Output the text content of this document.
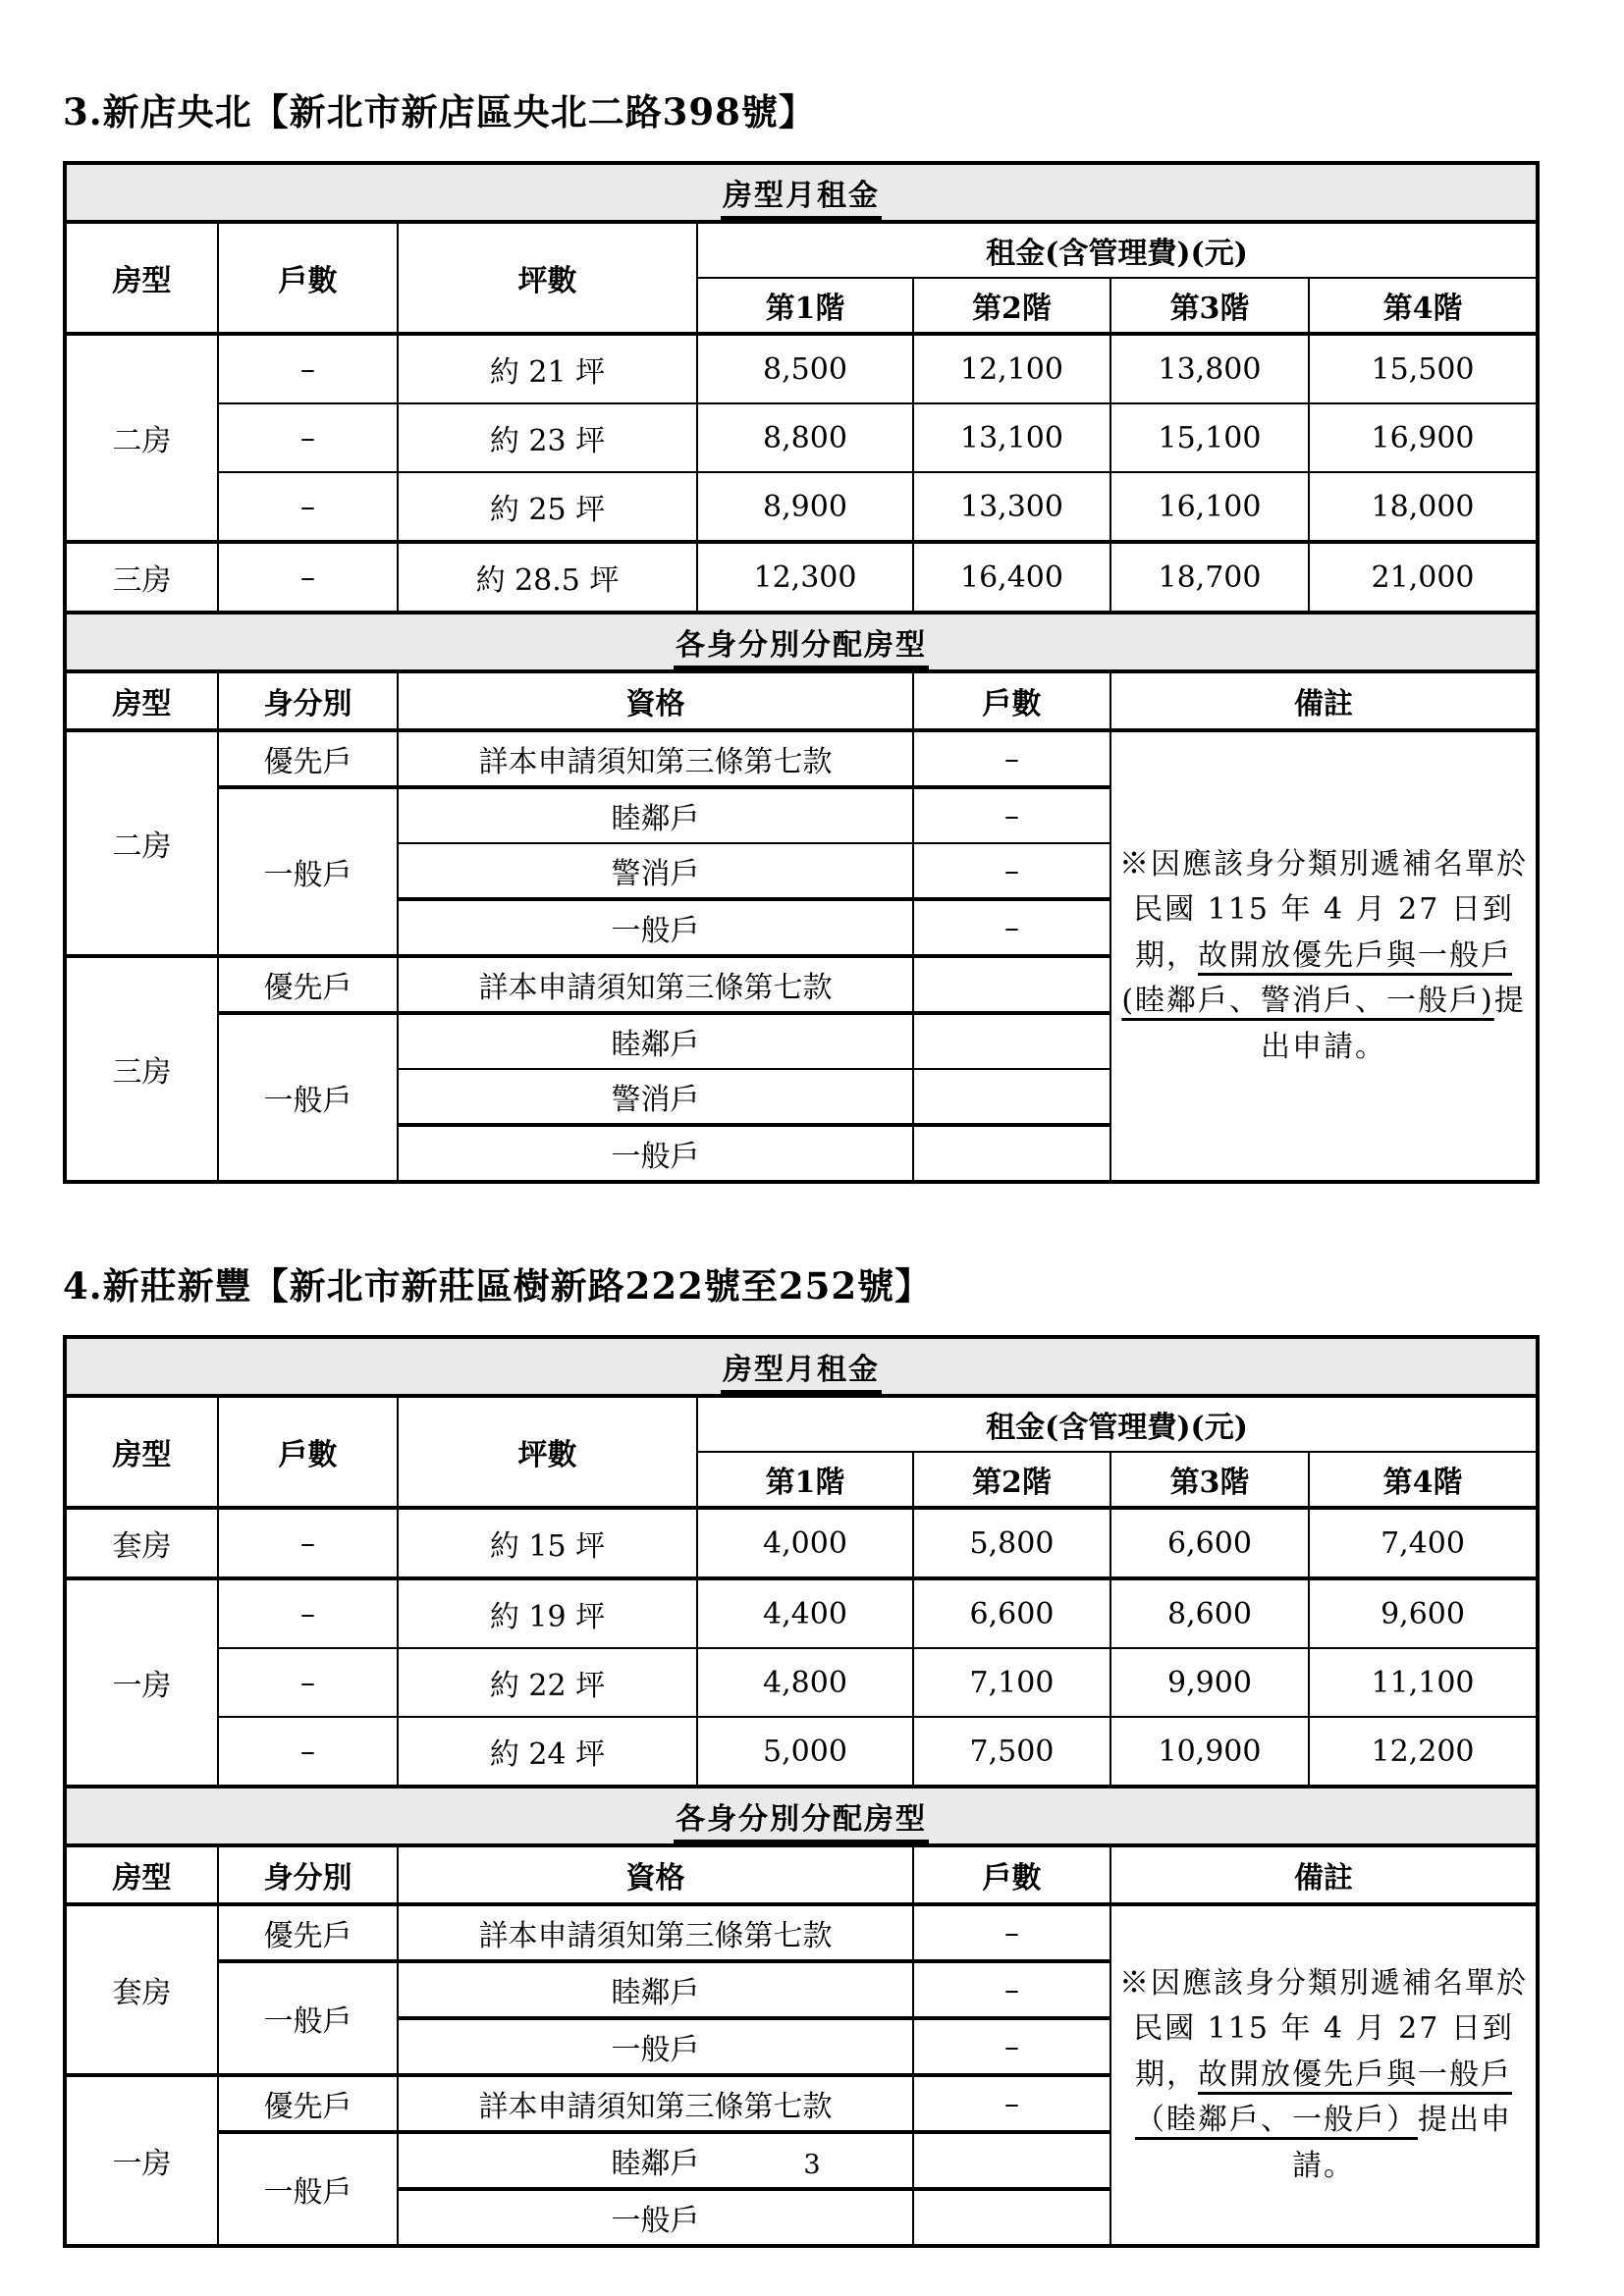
3.新店央北【新北市新店區央北二路398號】
房型月租金						
房型	戶數	坪數	租金(含管理費)(元)			
			第1階	第2階	第3階	第4階
二房	–	約 21 坪	8,500	12,100	13,800	15,500
	–	約 23 坪	8,800	13,100	15,100	16,900
	–	約 25 坪	8,900	13,300	16,100	18,000
三房	–	約 28.5 坪	12,300	16,400	18,700	21,000
各身分別分配房型						
房型	身分別	資格		戶數	備註	
二房	優先戶	詳本申請須知第三條第七款		–	※因應該身分類別遞補名單於民國 115 年 4 月 27 日到期，故開放優先戶與一般戶(睦鄰戶、警消戶、一般戶)提出申請。	
	一般戶	睦鄰戶		–		
		警消戶		–		
		一般戶		–		
三房	優先戶	詳本申請須知第三條第七款				
	一般戶	睦鄰戶				
		警消戶				
		一般戶				
4.新莊新豐【新北市新莊區樹新路222號至252號】
房型月租金						
房型	戶數	坪數	租金(含管理費)(元)			
			第1階	第2階	第3階	第4階
套房	–	約 15 坪	4,000	5,800	6,600	7,400
一房	–	約 19 坪	4,400	6,600	8,600	9,600
	–	約 22 坪	4,800	7,100	9,900	11,100
	–	約 24 坪	5,000	7,500	10,900	12,200
各身分別分配房型						
房型	身分別	資格		戶數	備註	
套房	優先戶	詳本申請須知第三條第七款		–	※因應該身分類別遞補名單於民國 115 年 4 月 27 日到期，故開放優先戶與一般戶（睦鄰戶、一般戶）提出申請。	
	一般戶	睦鄰戶		–		
		一般戶		–		
一房	優先戶	詳本申請須知第三條第七款		–		
	一般戶	睦鄰戶				
		一般戶				
3
